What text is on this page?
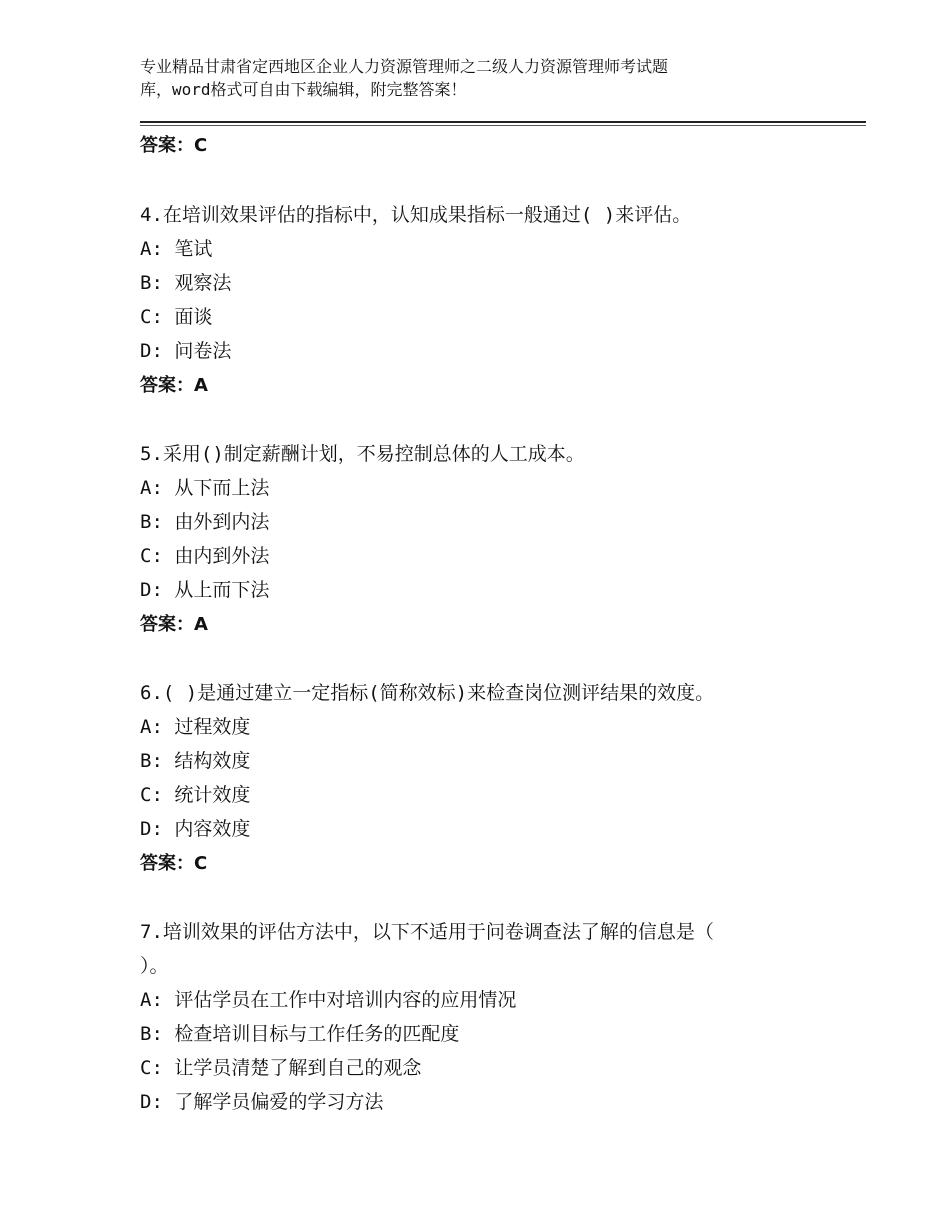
专业精品甘肃省定西地区企业人力资源管理师之二级人力资源管理师考试题
库，word格式可自由下载编辑，附完整答案！
答案：C
4.在培训效果评估的指标中，认知成果指标一般通过( )来评估。
A: 笔试
B: 观察法
C: 面谈
D: 问卷法
答案：A
5.采用()制定薪酬计划，不易控制总体的人工成本。
A: 从下而上法
B: 由外到内法
C: 由内到外法
D: 从上而下法
答案：A
6.( )是通过建立一定指标(简称效标)来检查岗位测评结果的效度。
A: 过程效度
B: 结构效度
C: 统计效度
D: 内容效度
答案：C
7.培训效果的评估方法中，以下不适用于问卷调查法了解的信息是（
）。
A: 评估学员在工作中对培训内容的应用情况
B: 检查培训目标与工作任务的匹配度
C: 让学员清楚了解到自己的观念
D: 了解学员偏爱的学习方法
